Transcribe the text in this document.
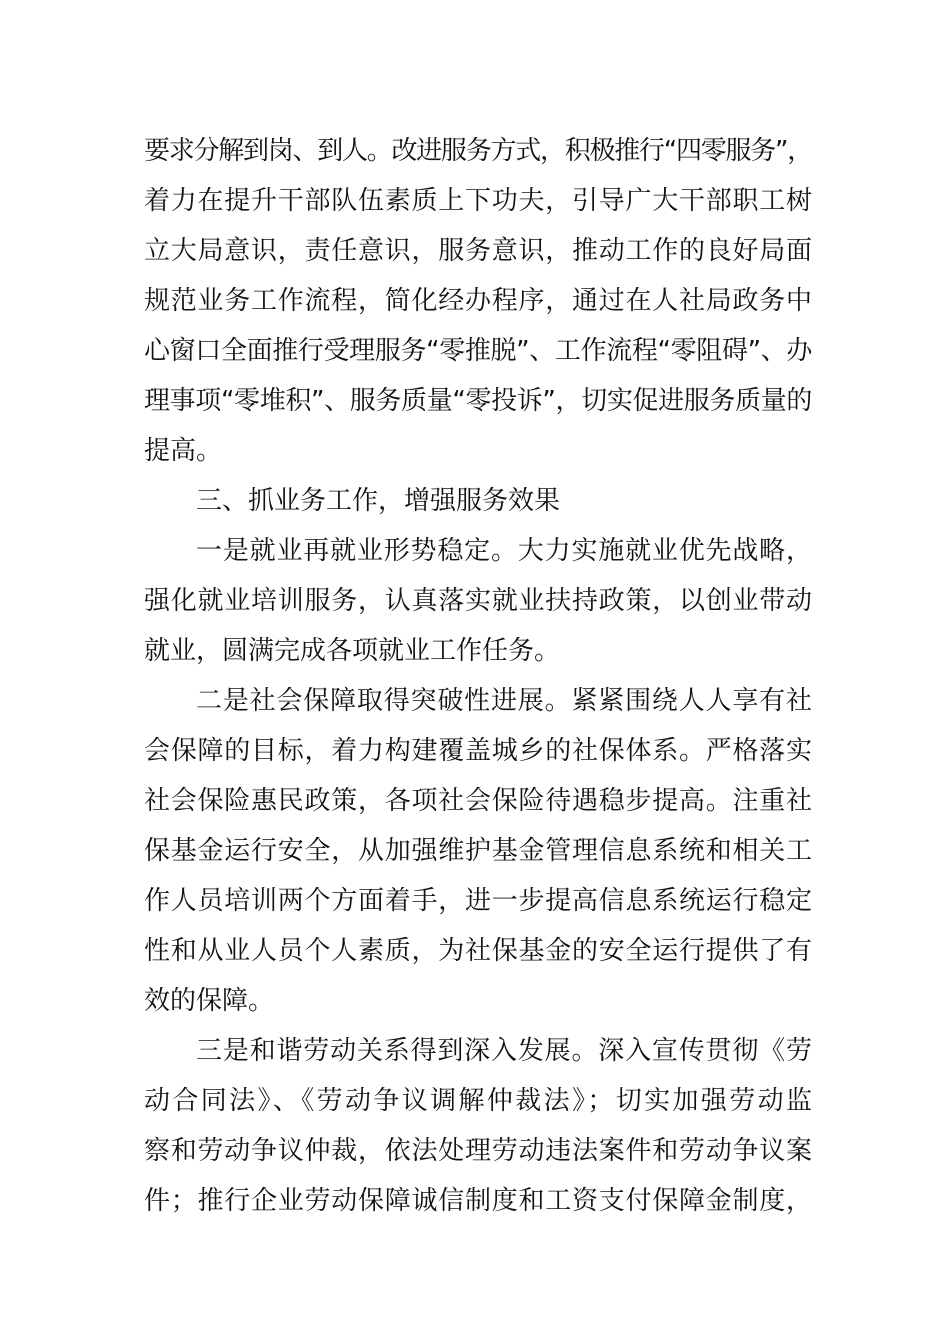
要求分解到岗、到人。改进服务方式，积极推行“四零服务”，
着力在提升干部队伍素质上下功夫，引导广大干部职工树
立大局意识，责任意识，服务意识，推动工作的良好局面
规范业务工作流程，简化经办程序，通过在人社局政务中
心窗口全面推行受理服务“零推脱”、工作流程“零阻碍”、办
理事项“零堆积”、服务质量“零投诉”，切实促进服务质量的
提高。
三、抓业务工作，增强服务效果
一是就业再就业形势稳定。大力实施就业优先战略，
强化就业培训服务，认真落实就业扶持政策，以创业带动
就业，圆满完成各项就业工作任务。
二是社会保障取得突破性进展。紧紧围绕人人享有社
会保障的目标，着力构建覆盖城乡的社保体系。严格落实
社会保险惠民政策，各项社会保险待遇稳步提高。注重社
保基金运行安全，从加强维护基金管理信息系统和相关工
作人员培训两个方面着手，进一步提高信息系统运行稳定
性和从业人员个人素质，为社保基金的安全运行提供了有
效的保障。
三是和谐劳动关系得到深入发展。深入宣传贯彻《劳
动合同法》、《劳动争议调解仲裁法》；切实加强劳动监
察和劳动争议仲裁，依法处理劳动违法案件和劳动争议案
件；推行企业劳动保障诚信制度和工资支付保障金制度，
